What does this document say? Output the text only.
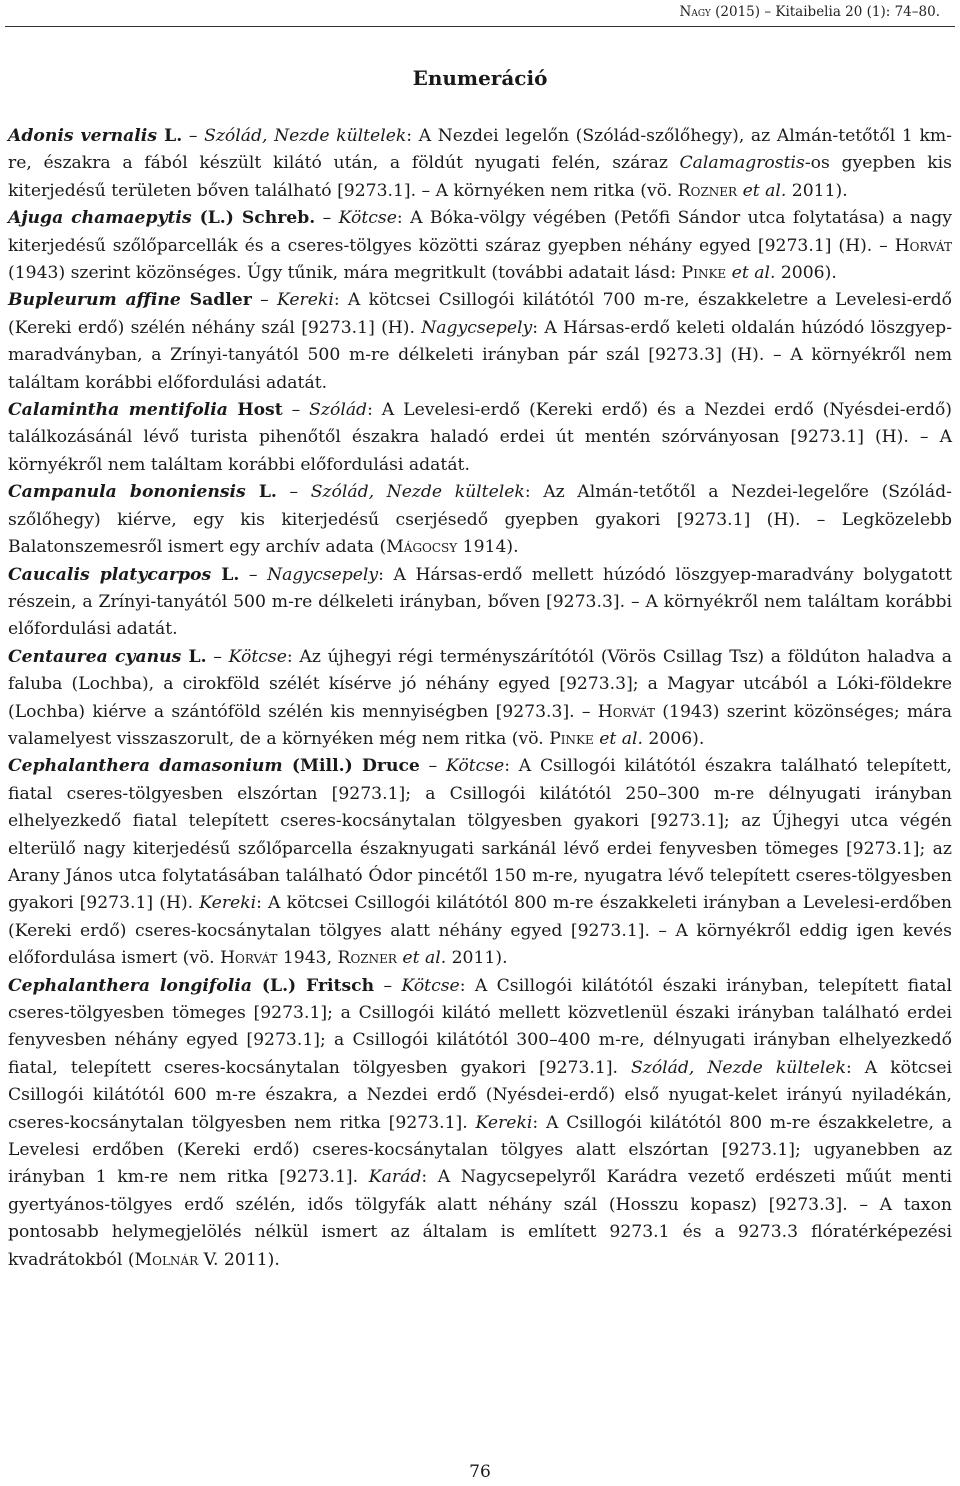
Nagy (2015) – Kitaibelia 20 (1): 74–80.
Enumeráció

Adonis vernalis L. – Szólád, Nezde kültelek: A Nezdei legelőn (Szólád-szőlőhegy), az Almán-tetőtől 1 km-re, északra a fából készült kilátó után, a földút nyugati felén, száraz Calamagrostis-os gyepben kis kiterjedésű területen bőven található [9273.1]. – A környéken nem ritka (vö. Rozner et al. 2011).

Ajuga chamaepytis (L.) Schreb. – Kötcse: A Bóka-völgy végében (Petőfi Sándor utca folytatása) a nagy kiterjedésű szőlőparcellák és a cseres-tölgyes közötti száraz gyepben néhány egyed [9273.1] (H). – Horvát (1943) szerint közönséges. Úgy tűnik, mára megritkult (további adatait lásd: Pinke et al. 2006).

Bupleurum affine Sadler – Kereki: A kötcsei Csillogói kilátótól 700 m-re, északkeletre a Levelesi-erdő (Kereki erdő) szélén néhány szál [9273.1] (H). Nagycsepely: A Hársas-erdő keleti oldalán húzódó löszgyep-maradványban, a Zrínyi-tanyától 500 m-re délkeleti irányban pár szál [9273.3] (H). – A környékről nem találtam korábbi előfordulási adatát.

Calamintha mentifolia Host – Szólád: A Levelesi-erdő (Kereki erdő) és a Nezdei erdő (Nyésdei-erdő) találkozásánál lévő turista pihenőtől északra haladó erdei út mentén szórványosan [9273.1] (H). – A környékről nem találtam korábbi előfordulási adatát.

Campanula bononiensis L. – Szólád, Nezde kültelek: Az Almán-tetőtől a Nezdei-legelőre (Szólád-szőlőhegy) kiérve, egy kis kiterjedésű cserjésedő gyepben gyakori [9273.1] (H). – Legközelebb Balatonszemesről ismert egy archív adata (Mágocsy 1914).

Caucalis platycarpos L. – Nagycsepely: A Hársas-erdő mellett húzódó löszgyep-maradvány bolygatott részein, a Zrínyi-tanyától 500 m-re délkeleti irányban, bőven [9273.3]. – A környékről nem találtam korábbi előfordulási adatát.

Centaurea cyanus L. – Kötcse: Az újhegyi régi terményszárítótól (Vörös Csillag Tsz) a földúton haladva a faluba (Lochba), a cirokföld szélét kísérve jó néhány egyed [9273.3]; a Magyar utcából a Lóki-földekre (Lochba) kiérve a szántóföld szélén kis mennyiségben [9273.3]. – Horvát (1943) szerint közönséges; mára valamelyest visszaszorult, de a környéken még nem ritka (vö. Pinke et al. 2006).

Cephalanthera damasonium (Mill.) Druce – Kötcse: A Csillogói kilátótól északra található telepített, fiatal cseres-tölgyesben elszórtan [9273.1]; a Csillogói kilátótól 250–300 m-re délnyugati irányban elhelyezkedő fiatal telepített cseres-kocsánytalan tölgyesben gyakori [9273.1]; az Újhegyi utca végén elterülő nagy kiterjedésű szőlőparcella északnyugati sarkánál lévő erdei fenyvesben tömeges [9273.1]; az Arany János utca folytatásában található Ódor pincétől 150 m-re, nyugatra lévő telepített cseres-tölgyesben gyakori [9273.1] (H). Kereki: A kötcsei Csillogói kilátótól 800 m-re északkeleti irányban a Levelesi-erdőben (Kereki erdő) cseres-kocsánytalan tölgyes alatt néhány egyed [9273.1]. – A környékről eddig igen kevés előfordulása ismert (vö. Horvát 1943, Rozner et al. 2011).

Cephalanthera longifolia (L.) Fritsch – Kötcse: A Csillogói kilátótól északi irányban, telepített fiatal cseres-tölgyesben tömeges [9273.1]; a Csillogói kilátó mellett közvetlenül északi irányban található erdei fenyvesben néhány egyed [9273.1]; a Csillogói kilátótól 300–400 m-re, délnyugati irányban elhelyezkedő fiatal, telepített cseres-kocsánytalan tölgyesben gyakori [9273.1]. Szólád, Nezde kültelek: A kötcsei Csillogói kilátótól 600 m-re északra, a Nezdei erdő (Nyésdei-erdő) első nyugat-kelet irányú nyiladékán, cseres-kocsánytalan tölgyesben nem ritka [9273.1]. Kereki: A Csillogói kilátótól 800 m-re északkeletre, a Levelesi erdőben (Kereki erdő) cseres-kocsánytalan tölgyes alatt elszórtan [9273.1]; ugyanebben az irányban 1 km-re nem ritka [9273.1]. Karád: A Nagycsepelyről Karádra vezető erdészeti műút menti gyertyános-tölgyes erdő szélén, idős tölgyfák alatt néhány szál (Hosszu kopasz) [9273.3]. – A taxon pontosabb helymegjelölés nélkül ismert az általam is említett 9273.1 és a 9273.3 flóratérképezési kvadrátokból (Molnár V. 2011).

76
